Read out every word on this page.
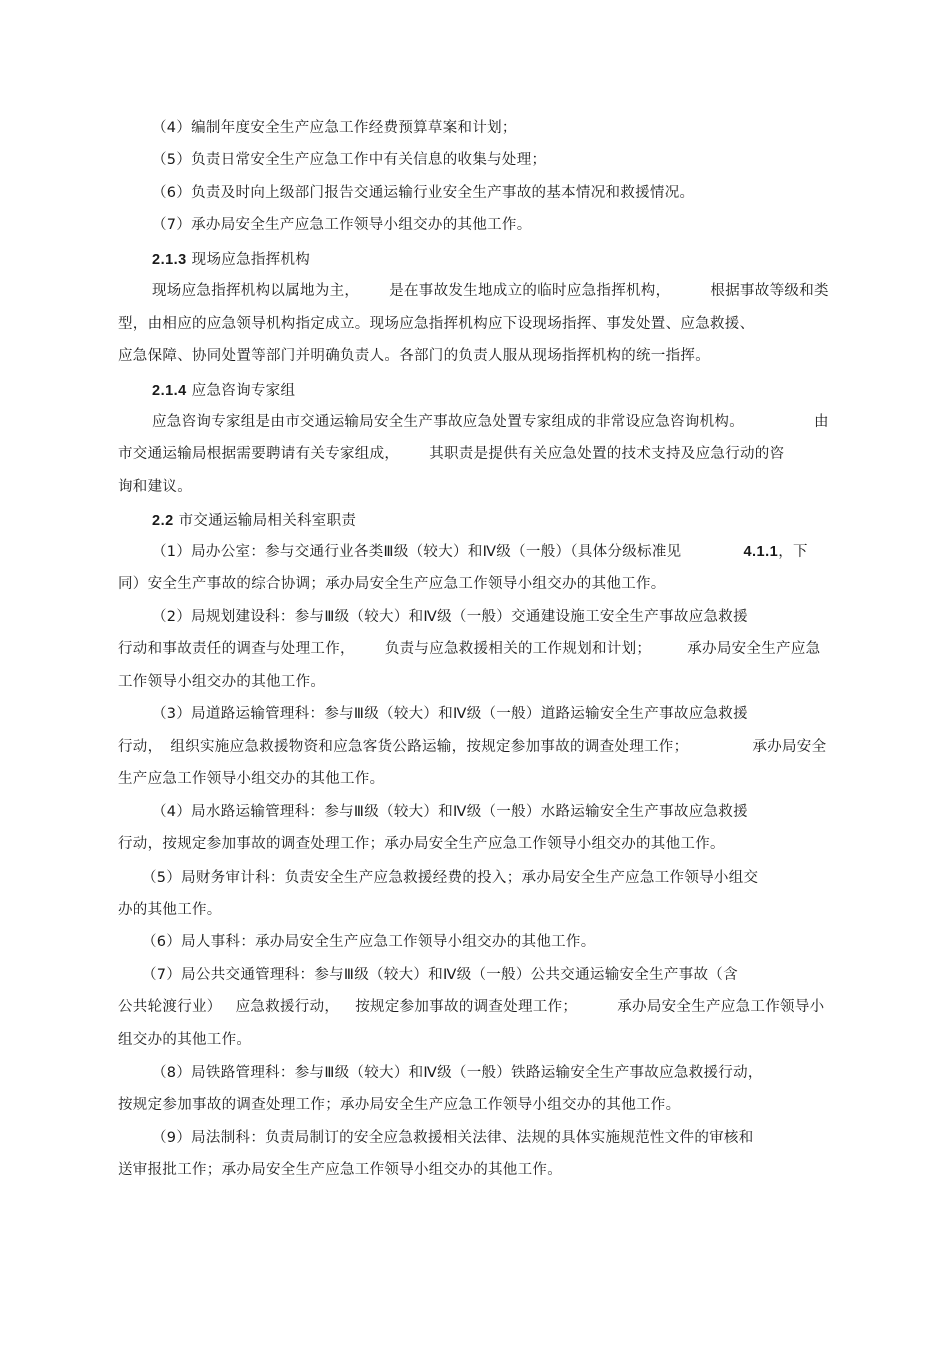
（4）编制年度安全生产应急工作经费预算草案和计划；
（5）负责日常安全生产应急工作中有关信息的收集与处理；
（6）负责及时向上级部门报告交通运输行业安全生产事故的基本情况和救援情况。
（7）承办局安全生产应急工作领导小组交办的其他工作。
2.1.3 现场应急指挥机构
现场应急指挥机构以属地为主， 是在事故发生地成立的临时应急指挥机构，	根据事故等级和类
型，由相应的应急领导机构指定成立。现场应急指挥机构应下设现场指挥、事发处置、应急救援、
应急保障、协同处置等部门并明确负责人。各部门的负责人服从现场指挥机构的统一指挥。
2.1.4 应急咨询专家组
应急咨询专家组是由市交通运输局安全生产事故应急处置专家组成的非常设应急咨询机构。	由
市交通运输局根据需要聘请有关专家组成， 其职责是提供有关应急处置的技术支持及应急行动的咨
询和建议。
2.2 市交通运输局相关科室职责
（1）局办公室：参与交通行业各类Ⅲ级（较大）和Ⅳ级（一般）（具体分级标准见	4.1.1，下
同）安全生产事故的综合协调；承办局安全生产应急工作领导小组交办的其他工作。
（2）局规划建设科：参与Ⅲ级（较大）和Ⅳ级（一般）交通建设施工安全生产事故应急救援
行动和事故责任的调查与处理工作， 负责与应急救援相关的工作规划和计划； 承办局安全生产应急
工作领导小组交办的其他工作。
（3）局道路运输管理科：参与Ⅲ级（较大）和Ⅳ级（一般）道路运输安全生产事故应急救援
行动， 组织实施应急救援物资和应急客货公路运输，按规定参加事故的调查处理工作；	承办局安全
生产应急工作领导小组交办的其他工作。
（4）局水路运输管理科：参与Ⅲ级（较大）和Ⅳ级（一般）水路运输安全生产事故应急救援
行动，按规定参加事故的调查处理工作；承办局安全生产应急工作领导小组交办的其他工作。
（5）局财务审计科：负责安全生产应急救援经费的投入；承办局安全生产应急工作领导小组交
办的其他工作。
（6）局人事科：承办局安全生产应急工作领导小组交办的其他工作。
（7）局公共交通管理科：参与Ⅲ级（较大）和Ⅳ级（一般）公共交通运输安全生产事故（含
公共轮渡行业） 应急救援行动， 按规定参加事故的调查处理工作；	承办局安全生产应急工作领导小
组交办的其他工作。
（8）局铁路管理科：参与Ⅲ级（较大）和Ⅳ级（一般）铁路运输安全生产事故应急救援行动，
按规定参加事故的调查处理工作；承办局安全生产应急工作领导小组交办的其他工作。
（9）局法制科：负责局制订的安全应急救援相关法律、法规的具体实施规范性文件的审核和
送审报批工作；承办局安全生产应急工作领导小组交办的其他工作。
